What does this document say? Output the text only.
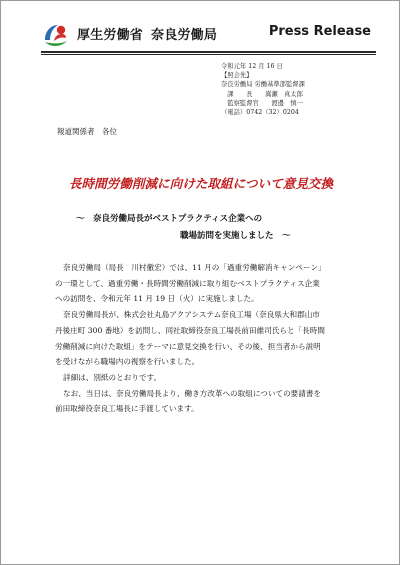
厚生労働省 奈良労働局	Press Release
令和元年 12 月 16 日
【照会先】
奈良労働局 労働基準部監督課
　課　　長　　嵩瀬　真太郎
　監察監督官　　渡邊　慎一
（電話）0742（32）0204
報道関係者　各位
長時間労働削減に向けた取組について意見交換
～　奈良労働局長がベストプラクティス企業への
職場訪問を実施しました　～

奈良労働局（局長　川村徹宏）では、11 月の「過重労働解消キャンペーン」

の一環として、過重労働・長時間労働削減に取り組むベストプラクティス企業

への訪問を、令和元年 11 月 19 日（火）に実施しました。

奈良労働局長が、株式会社丸島アクアシステム奈良工場（奈良県大和郡山市

丹後庄町 300 番地）を訪問し、同社取締役奈良工場長前田維司氏らと「長時間

労働削減に向けた取組」をテーマに意見交換を行い、その後、担当者から説明

を受けながら職場内の視察を行いました。

詳細は、別紙のとおりです。

なお、当日は、奈良労働局長より、働き方改革への取組についての要請書を

前田取締役奈良工場長に手渡しています。
